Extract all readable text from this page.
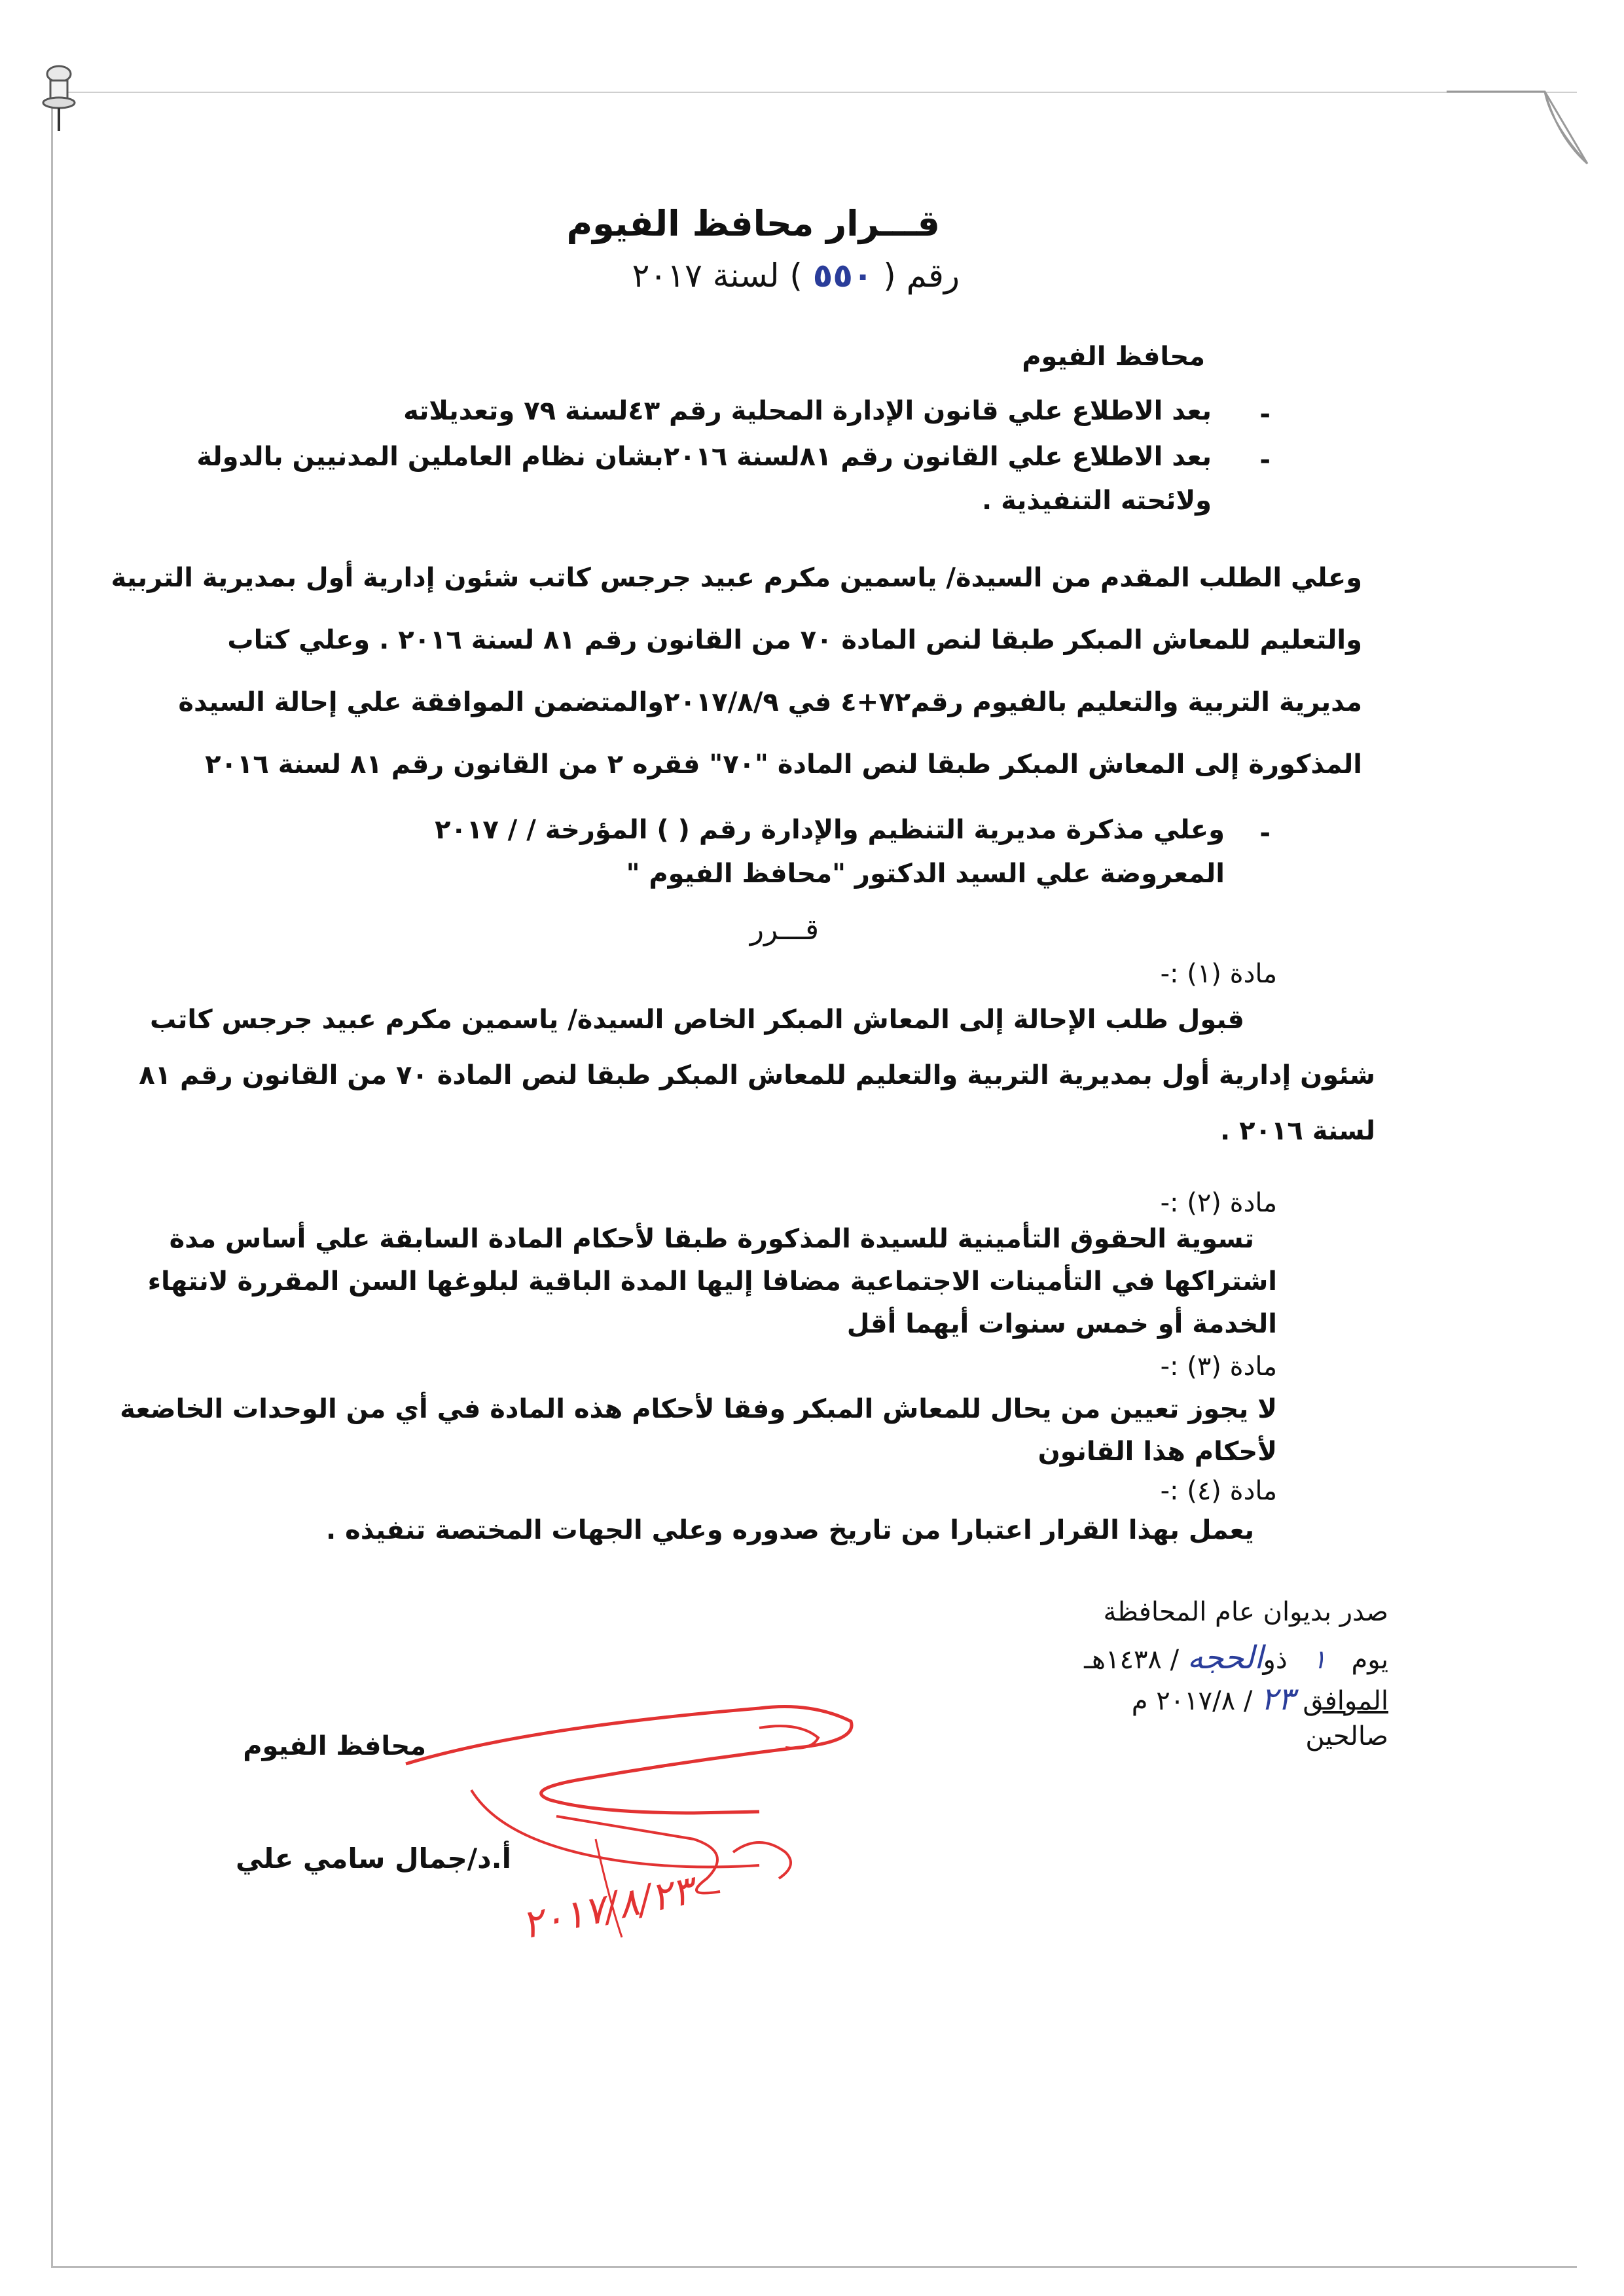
قـــرار محافظ الفيوم
رقم ( ٥٥٠ ) لسنة ٢٠١٧
محافظ الفيوم
-
بعد الاطلاع علي قانون الإدارة المحلية رقم ٤٣لسنة ٧٩ وتعديلاته
-
بعد الاطلاع علي القانون رقم ٨١لسنة ٢٠١٦بشان نظام العاملين المدنيين بالدولة
ولائحته التنفيذية .
وعلي الطلب المقدم من السيدة/ ياسمين مكرم عبيد جرجس كاتب شئون إدارية أول بمديرية التربية
والتعليم للمعاش المبكر طبقا لنص المادة ٧٠ من القانون رقم ٨١ لسنة ٢٠١٦ . وعلي كتاب
مديرية التربية والتعليم بالفيوم رقم٧٢+٤ في ٢٠١٧/٨/٩والمتضمن الموافقة علي إحالة السيدة
المذكورة إلى المعاش المبكر طبقا لنص المادة "٧٠" فقره ٢ من القانون رقم ٨١ لسنة ٢٠١٦
-
وعلي مذكرة مديرية التنظيم والإدارة رقم ( ) المؤرخة / / ٢٠١٧
المعروضة علي السيد الدكتور "محافظ الفيوم "
قـــرر
مادة (١) :-
قبول طلب الإحالة إلى المعاش المبكر الخاص السيدة/ ياسمين مكرم عبيد جرجس كاتب
شئون إدارية أول بمديرية التربية والتعليم للمعاش المبكر طبقا لنص المادة ٧٠ من القانون رقم ٨١
لسنة ٢٠١٦ .
مادة (٢) :-
تسوية الحقوق التأمينية للسيدة المذكورة طبقا لأحكام المادة السابقة علي أساس مدة
اشتراكها في التأمينات الاجتماعية مضافا إليها المدة الباقية لبلوغها السن المقررة لانتهاء
الخدمة أو خمس سنوات أيهما أقل
مادة (٣) :-
لا يجوز تعيين من يحال للمعاش المبكر وفقا لأحكام هذه المادة في أي من الوحدات الخاضعة
لأحكام هذا القانون
مادة (٤) :-
يعمل بهذا القرار اعتبارا من تاريخ صدوره وعلي الجهات المختصة تنفيذه .
صدر بديوان عام المحافظة
يوم   ١   ذوالحجه / ١٤٣٨هـ
الموافق ٢٣ / ٢٠١٧/٨ م
صالحين
محافظ الفيوم
أ.د/جمال سامي علي
٢٠١٧/٨/٢٣
